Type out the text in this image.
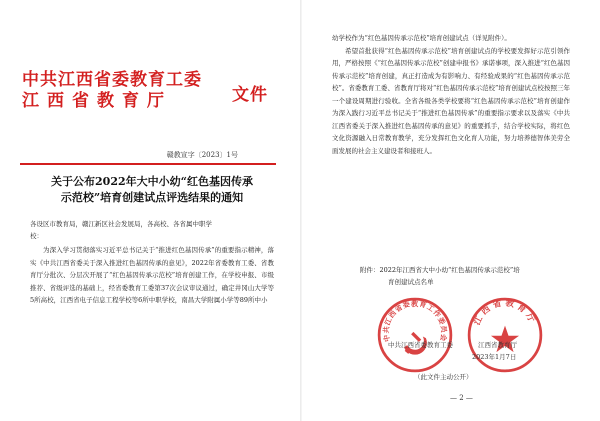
中共江西省委教育工委
江西省教育厅	文件
赣教宣字〔2023〕1号
关于公布2022年大中小幼“红色基因传承
示范校”培育创建试点评选结果的通知
各设区市教育局，赣江新区社会发展局，各高校、各省属中职学
校：

为深入学习贯彻落实习近平总书记关于“推进红色基因传承”的重要指示精神，落实《中共江西省委关于深入推进红色基因传承的意见》，2022年省委教育工委、省教育厅分批次、分层次开展了“红色基因传承示范校”培育创建工作，在学校申报、市级推荐、省级评选的基础上，经省委教育工委第37次会议审议通过，确定井冈山大学等5所高校，江西省电子信息工程学校等6所中职学校，南昌大学附属小学等89所中小

幼学校作为“红色基因传承示范校”培育创建试点（详见附件）。

希望首批获得“红色基因传承示范校”培育创建试点的学校要发挥好示范引领作用，严格按照《“红色基因传承示范校”创建申报书》承诺事项，深入推进“红色基因传承示范校”培育创建，真正打造成为有影响力、有经验成果的“红色基因传承示范校”。省委教育工委、省教育厅将对“红色基因传承示范校”培育创建试点校按照三年一个建设周期进行验收。全省各级各类学校要将“红色基因传承示范校”培育创建作为深入践行习近平总书记关于“推进红色基因传承”的重要指示要求以及落实《中共江西省委关于深入推进红色基因传承的意见》的重要抓手，结合学校实际，将红色文化资源融入日常教育教学，充分发挥红色文化育人功能，努力培养德智体美劳全面发展的社会主义建设者和接班人。

附件：2022年江西省大中小幼“红色基因传承示范校”培
育创建试点名单
中共江西省委教育工作委员会
江西省教育厅
中共江西省委教育工委	江西省教育厅
2023年1月7日
（此文件主动公开）
— 2 —
